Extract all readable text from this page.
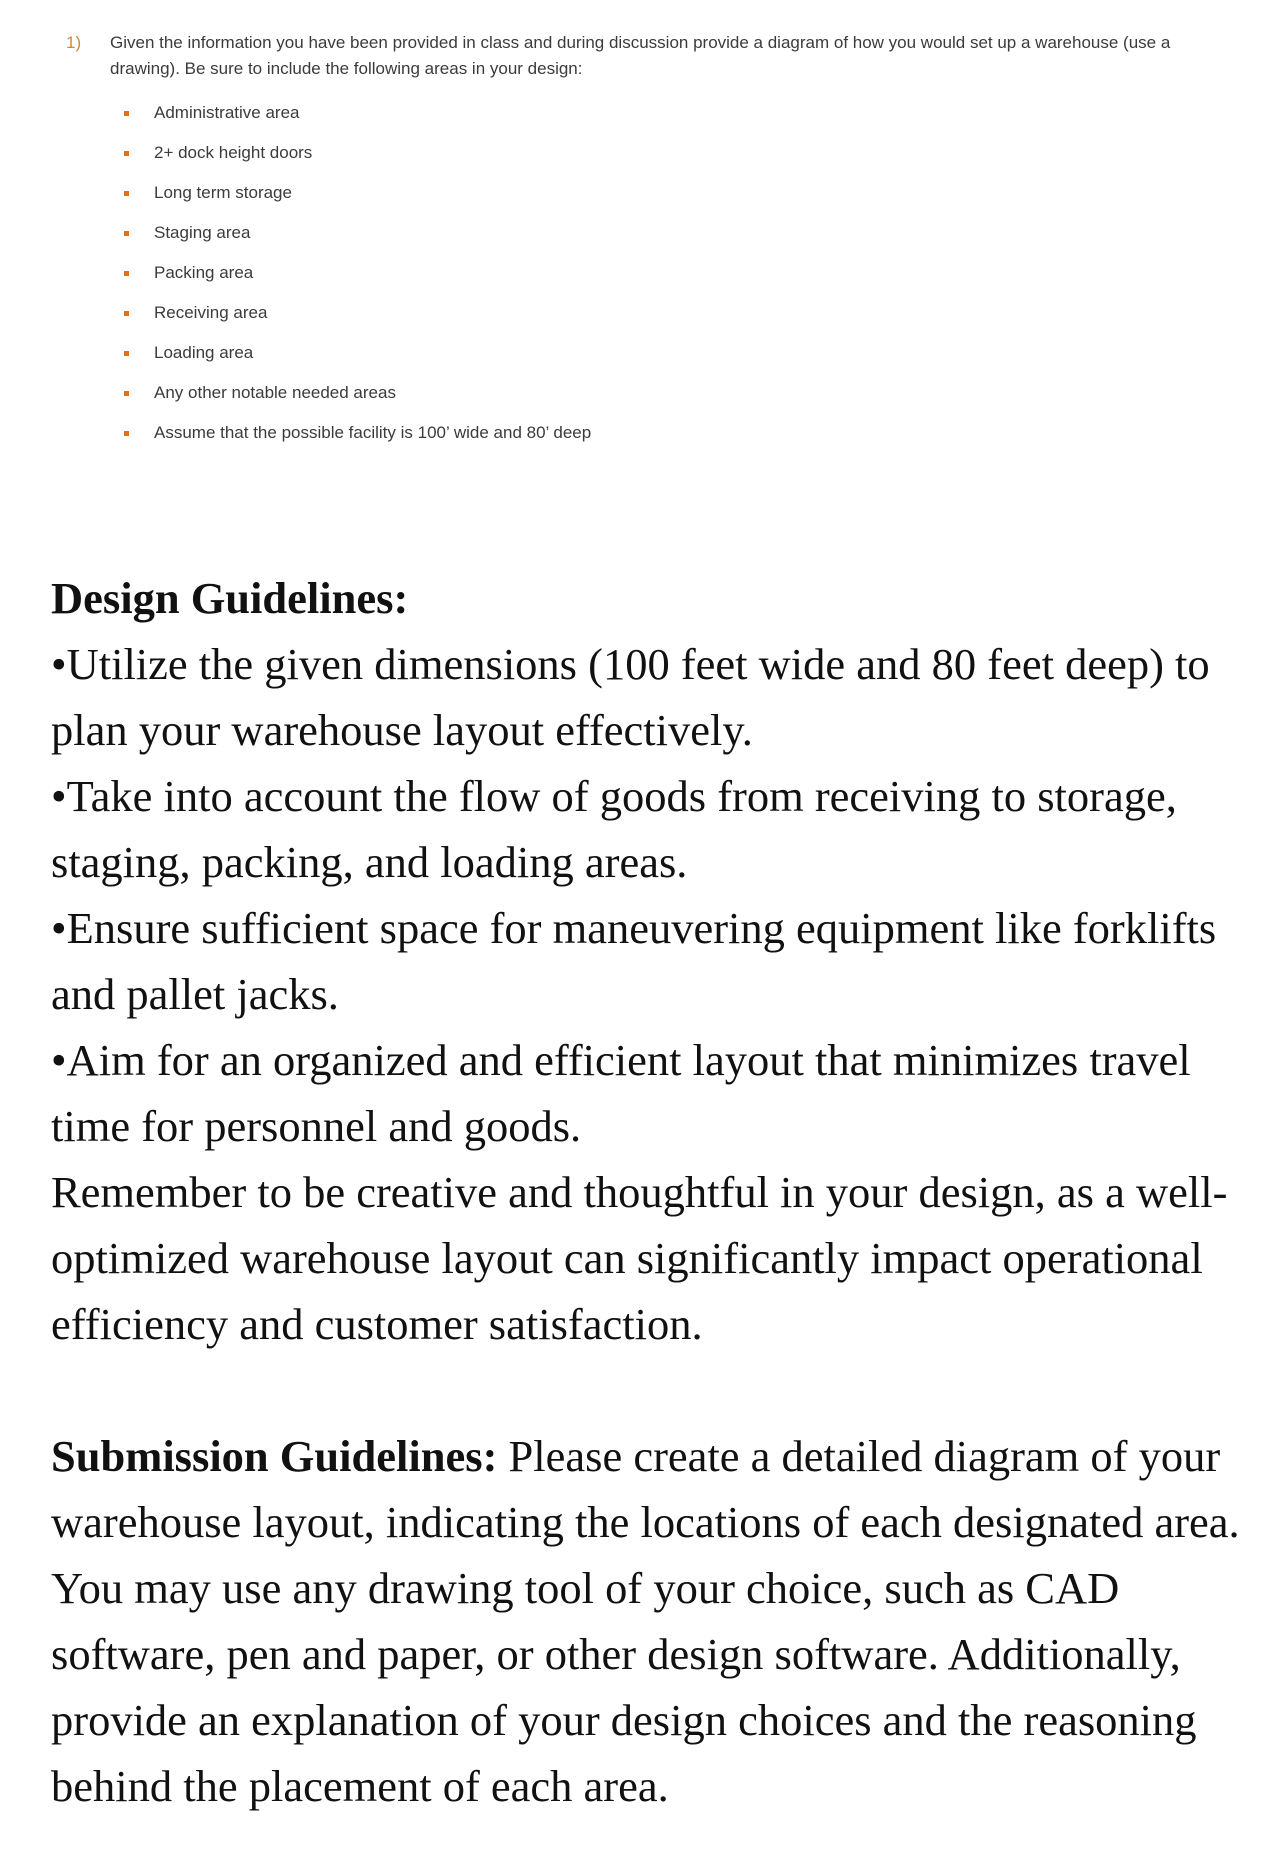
1)	Given the information you have been provided in class and during discussion provide a diagram of how you would set up a warehouse (use a drawing). Be sure to include the following areas in your design:
Administrative area
2+ dock height doors
Long term storage
Staging area
Packing area
Receiving area
Loading area
Any other notable needed areas
Assume that the possible facility is 100’ wide and 80’ deep

Design Guidelines:

•Utilize the given dimensions (100 feet wide and 80 feet deep) to plan your warehouse layout effectively.

•Take into account the flow of goods from receiving to storage, staging, packing, and loading areas.

•Ensure sufficient space for maneuvering equipment like forklifts and pallet jacks.

•Aim for an organized and efficient layout that minimizes travel time for personnel and goods.

Remember to be creative and thoughtful in your design, as a well-optimized warehouse layout can significantly impact operational efficiency and customer satisfaction.

Submission Guidelines: Please create a detailed diagram of your warehouse layout, indicating the locations of each designated area. You may use any drawing tool of your choice, such as CAD software, pen and paper, or other design software. Additionally, provide an explanation of your design choices and the reasoning behind the placement of each area.
